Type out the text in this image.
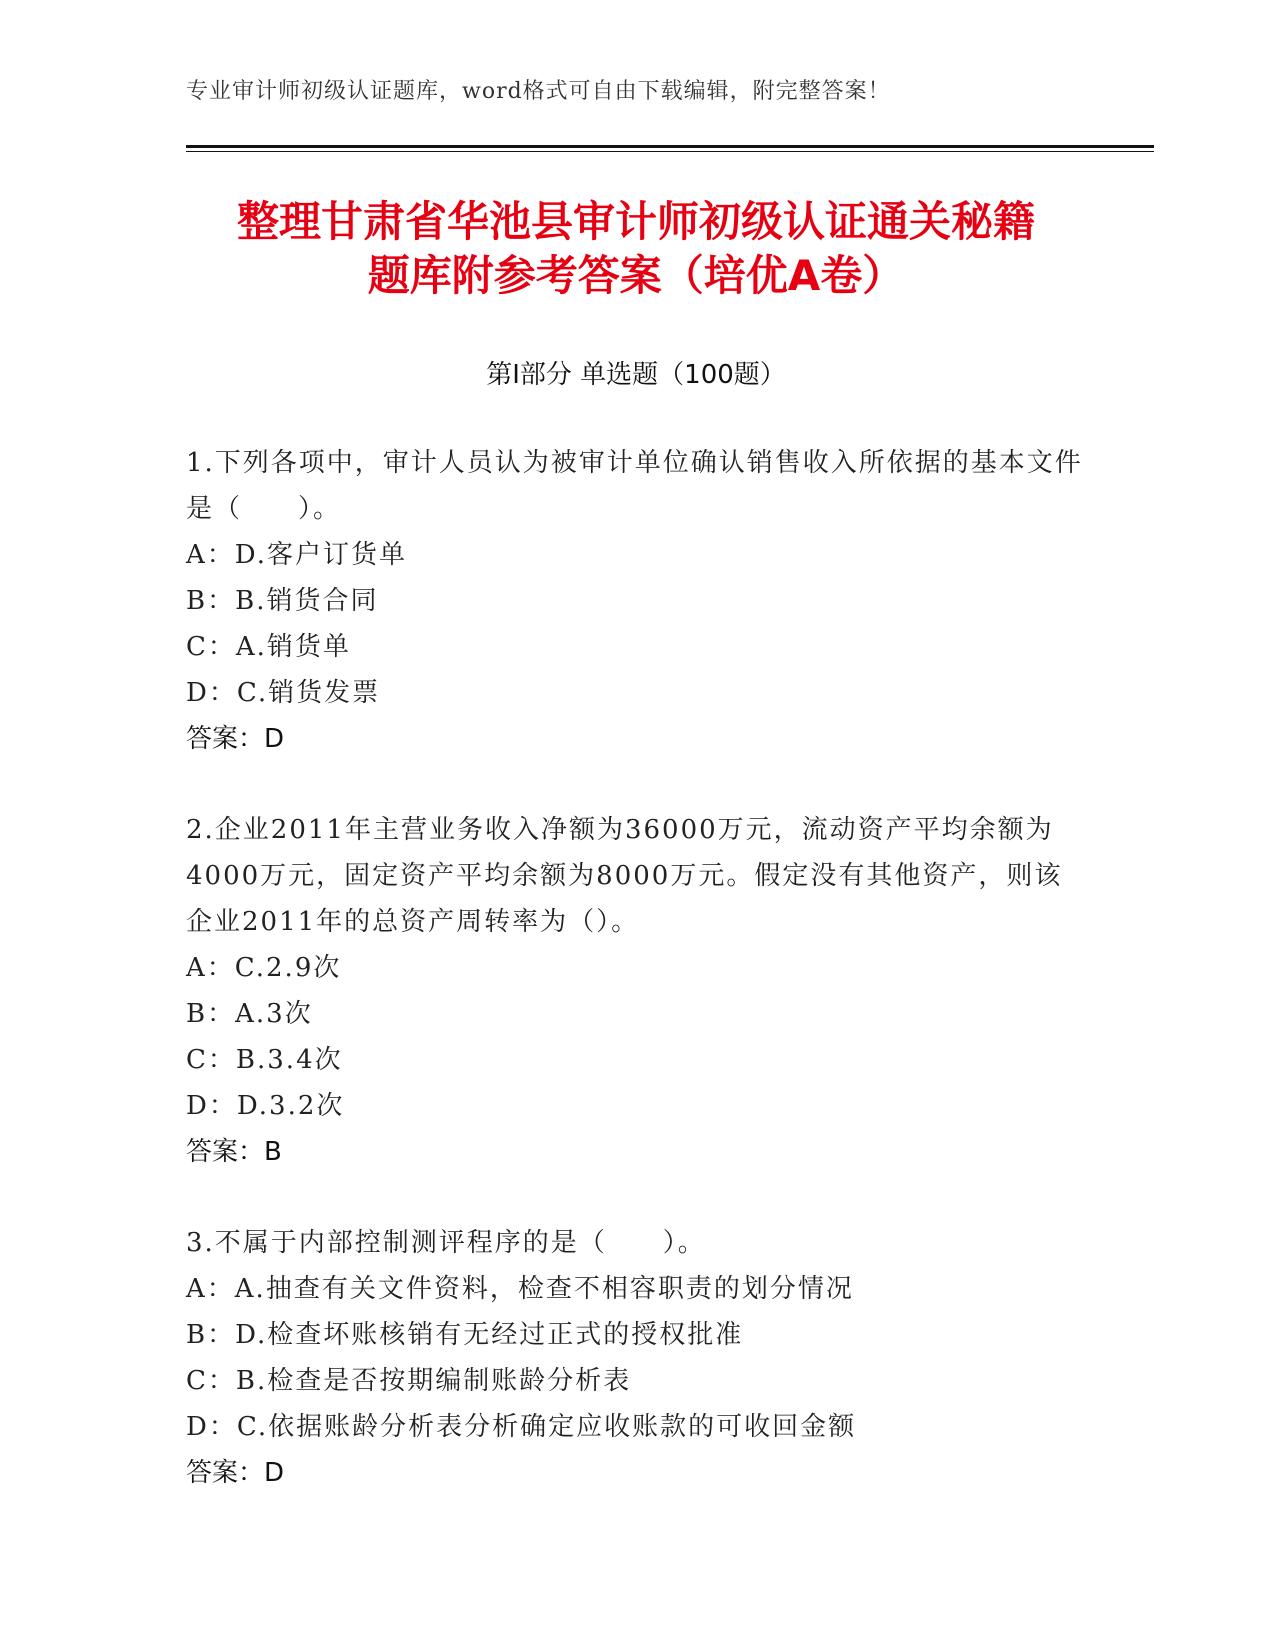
专业审计师初级认证题库，word格式可自由下载编辑，附完整答案！
整理甘肃省华池县审计师初级认证通关秘籍
题库附参考答案（培优A卷）
第Ⅰ部分 单选题（100题）
1.下列各项中，审计人员认为被审计单位确认销售收入所依据的基本文件是（　　）。
A：D.客户订货单
B：B.销货合同
C：A.销货单
D：C.销货发票
答案：D
2.企业2011年主营业务收入净额为36000万元，流动资产平均余额为4000万元，固定资产平均余额为8000万元。假定没有其他资产，则该企业2011年的总资产周转率为（）。
A：C.2.9次
B：A.3次
C：B.3.4次
D：D.3.2次
答案：B
3.不属于内部控制测评程序的是（　　）。
A：A.抽查有关文件资料，检查不相容职责的划分情况
B：D.检查坏账核销有无经过正式的授权批准
C：B.检查是否按期编制账龄分析表
D：C.依据账龄分析表分析确定应收账款的可收回金额
答案：D
